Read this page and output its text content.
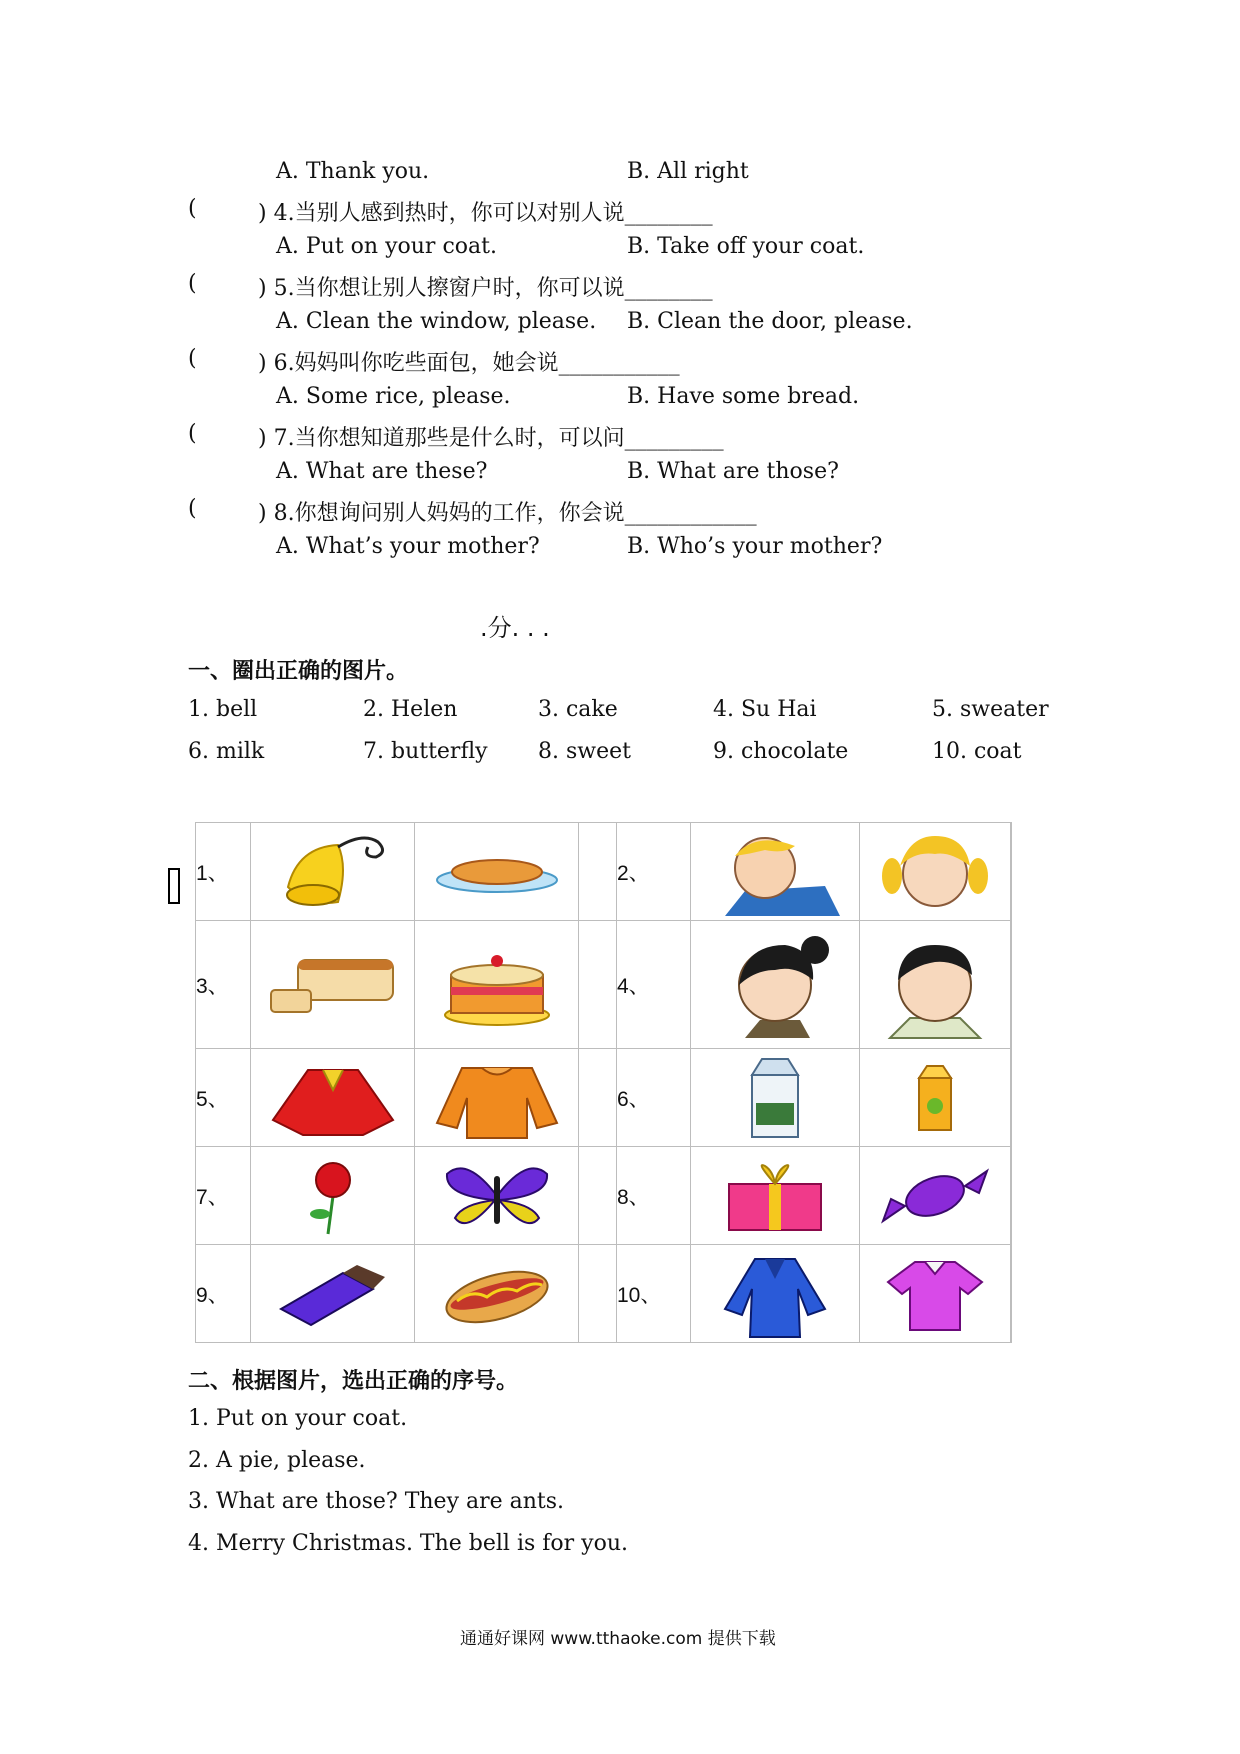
A. Thank you.	B. All right
(	) 4.当别人感到热时，你可以对别人说________
A. Put on your coat.	B. Take off your coat.
(	) 5.当你想让别人擦窗户时，你可以说________
A. Clean the window, please. B. Clean the door, please.
(	) 6.妈妈叫你吃些面包，她会说___________
A. Some rice, please.	B. Have some bread.
(	) 7.当你想知道那些是什么时，可以问_________
A. What are these?	B. What are those?
(	) 8.你想询问别人妈妈的工作，你会说____________
A. What’s your mother?	B. Who’s your mother?
.分. . .
一、圈出正确的图片。
1. bell	2. Helen	3. cake	4. Su Hai	5. sweater
6. milk	7. butterfly 8. sweet	9. chocolate	10. coat
1、				2、	

3、				4、	

5、				6、	

7、				8、	

9、				10、	

二、根据图片，选出正确的序号。
1. Put on your coat.
2. A pie, please.
3. What are those? They are ants.
4. Merry Christmas. The bell is for you.
通通好课网 www.tthaoke.com 提供下载
